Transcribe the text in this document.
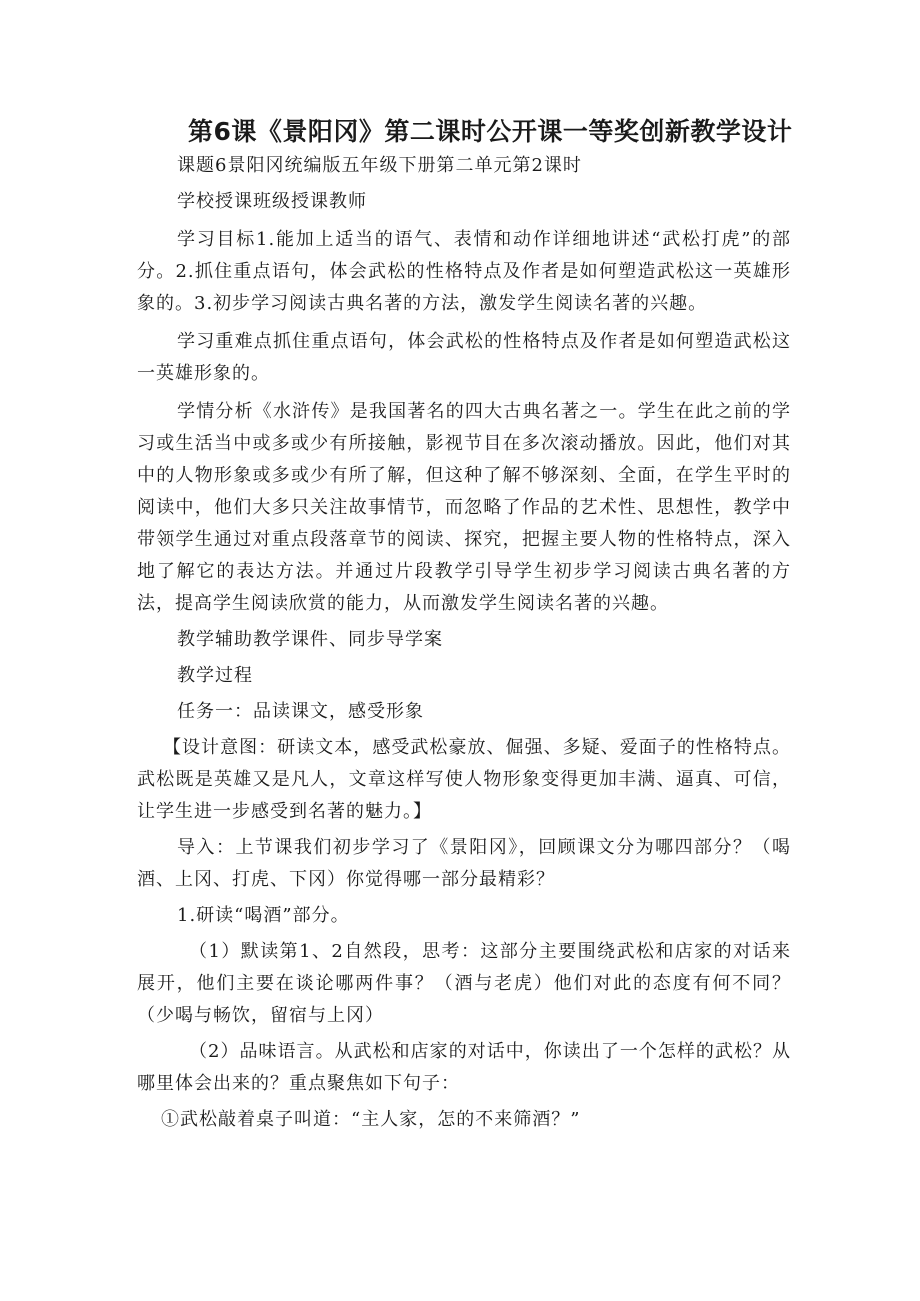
第6课《景阳冈》第二课时公开课一等奖创新教学设计

课题6景阳冈统编版五年级下册第二单元第2课时

学校授课班级授课教师

学习目标1.能加上适当的语气、表情和动作详细地讲述“武松打虎”的部分。2.抓住重点语句，体会武松的性格特点及作者是如何塑造武松这一英雄形象的。3.初步学习阅读古典名著的方法，激发学生阅读名著的兴趣。

学习重难点抓住重点语句，体会武松的性格特点及作者是如何塑造武松这一英雄形象的。

学情分析《水浒传》是我国著名的四大古典名著之一。学生在此之前的学习或生活当中或多或少有所接触，影视节目在多次滚动播放。因此，他们对其中的人物形象或多或少有所了解，但这种了解不够深刻、全面，在学生平时的阅读中，他们大多只关注故事情节，而忽略了作品的艺术性、思想性，教学中带领学生通过对重点段落章节的阅读、探究，把握主要人物的性格特点，深入地了解它的表达方法。并通过片段教学引导学生初步学习阅读古典名著的方法，提高学生阅读欣赏的能力，从而激发学生阅读名著的兴趣。

教学辅助教学课件、同步导学案

教学过程

任务一：品读课文，感受形象

【设计意图：研读文本，感受武松豪放、倔强、多疑、爱面子的性格特点。武松既是英雄又是凡人，文章这样写使人物形象变得更加丰满、逼真、可信，让学生进一步感受到名著的魅力。】

导入：上节课我们初步学习了《景阳冈》，回顾课文分为哪四部分？（喝酒、上冈、打虎、下冈）你觉得哪一部分最精彩？

1.研读“喝酒”部分。

（1）默读第1、2自然段，思考：这部分主要围绕武松和店家的对话来展开，他们主要在谈论哪两件事？（酒与老虎）他们对此的态度有何不同？（少喝与畅饮，留宿与上冈）

（2）品味语言。从武松和店家的对话中，你读出了一个怎样的武松？从哪里体会出来的？重点聚焦如下句子：

①武松敲着桌子叫道：“主人家，怎的不来筛酒？”
